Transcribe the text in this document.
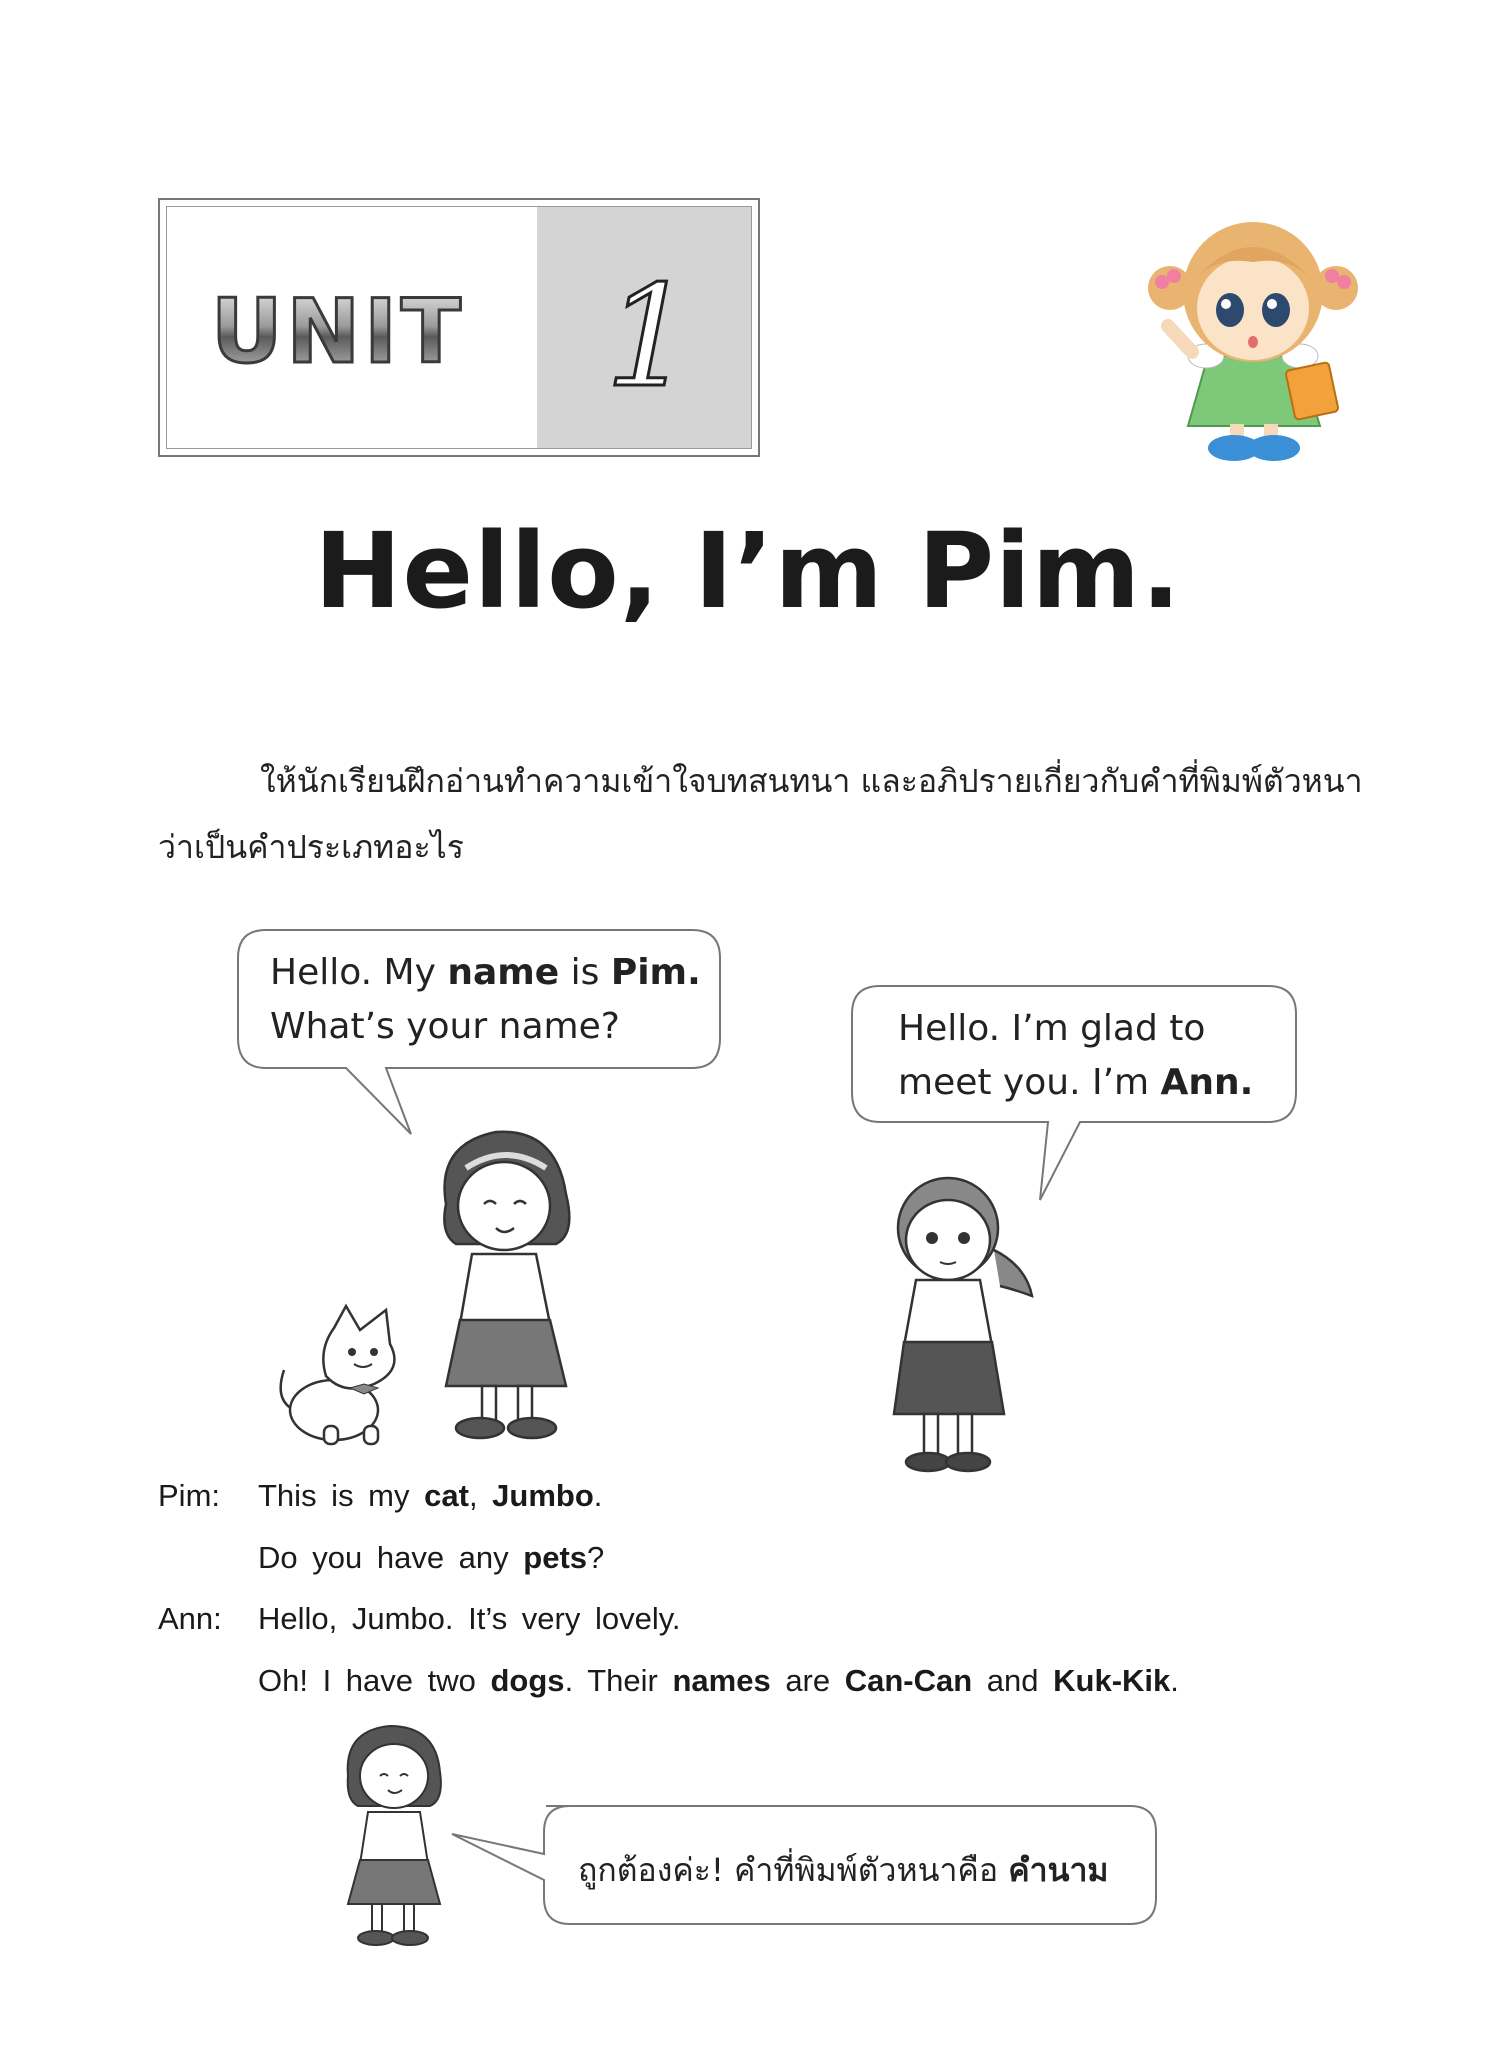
UNIT 1
Hello, I’m Pim.
ให้นักเรียนฝึกอ่านทำความเข้าใจบทสนทนา และอภิปรายเกี่ยวกับคำที่พิมพ์ตัวหนา
ว่าเป็นคำประเภทอะไร
Hello. My name is Pim.
What’s your name?	Hello. I’m glad to
meet you. I’m Ann.
Pim: This is my cat, Jumbo.
Do you have any pets?
Ann: Hello, Jumbo. It’s very lovely.
Oh! I have two dogs. Their names are Can-Can and Kuk-Kik.
ถูกต้องค่ะ! คำที่พิมพ์ตัวหนาคือ คำนาม
